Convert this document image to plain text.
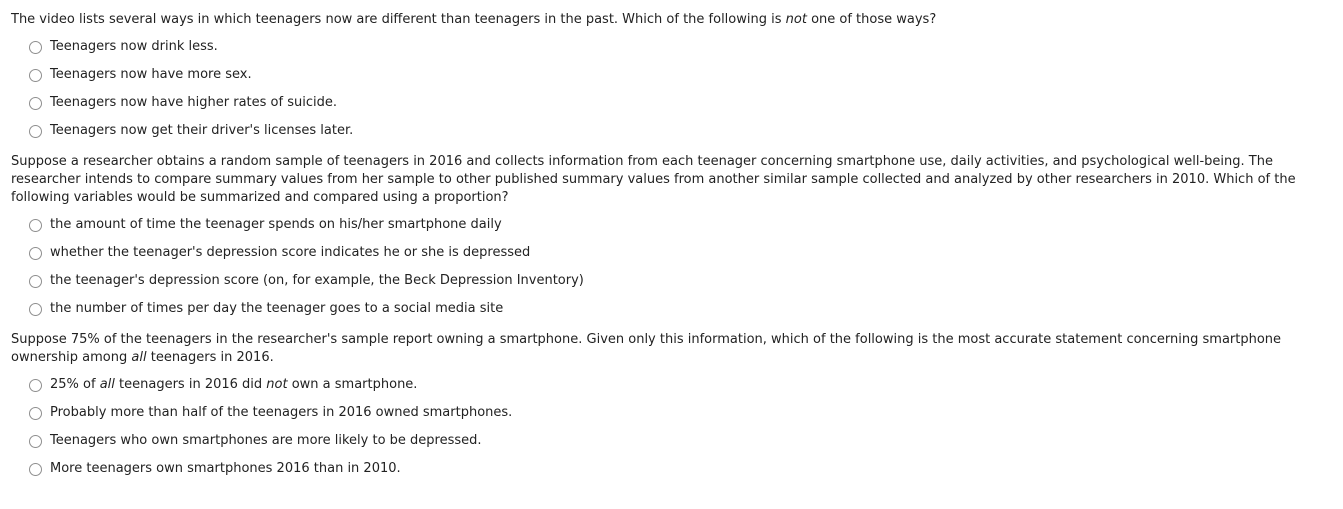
The video lists several ways in which teenagers now are different than teenagers in the past. Which of the following is not one of those ways?

Teenagers now drink less.
Teenagers now have more sex.
Teenagers now have higher rates of suicide.
Teenagers now get their driver's licenses later.

Suppose a researcher obtains a random sample of teenagers in 2016 and collects information from each teenager concerning smartphone use, daily activities, and psychological well-being. The researcher intends to compare summary values from her sample to other published summary values from another similar sample collected and analyzed by other researchers in 2010. Which of the following variables would be summarized and compared using a proportion?

the amount of time the teenager spends on his/her smartphone daily
whether the teenager's depression score indicates he or she is depressed
the teenager's depression score (on, for example, the Beck Depression Inventory)
the number of times per day the teenager goes to a social media site

Suppose 75% of the teenagers in the researcher's sample report owning a smartphone. Given only this information, which of the following is the most accurate statement concerning smartphone ownership among all teenagers in 2016.

25% of all teenagers in 2016 did not own a smartphone.
Probably more than half of the teenagers in 2016 owned smartphones.
Teenagers who own smartphones are more likely to be depressed.
More teenagers own smartphones 2016 than in 2010.
